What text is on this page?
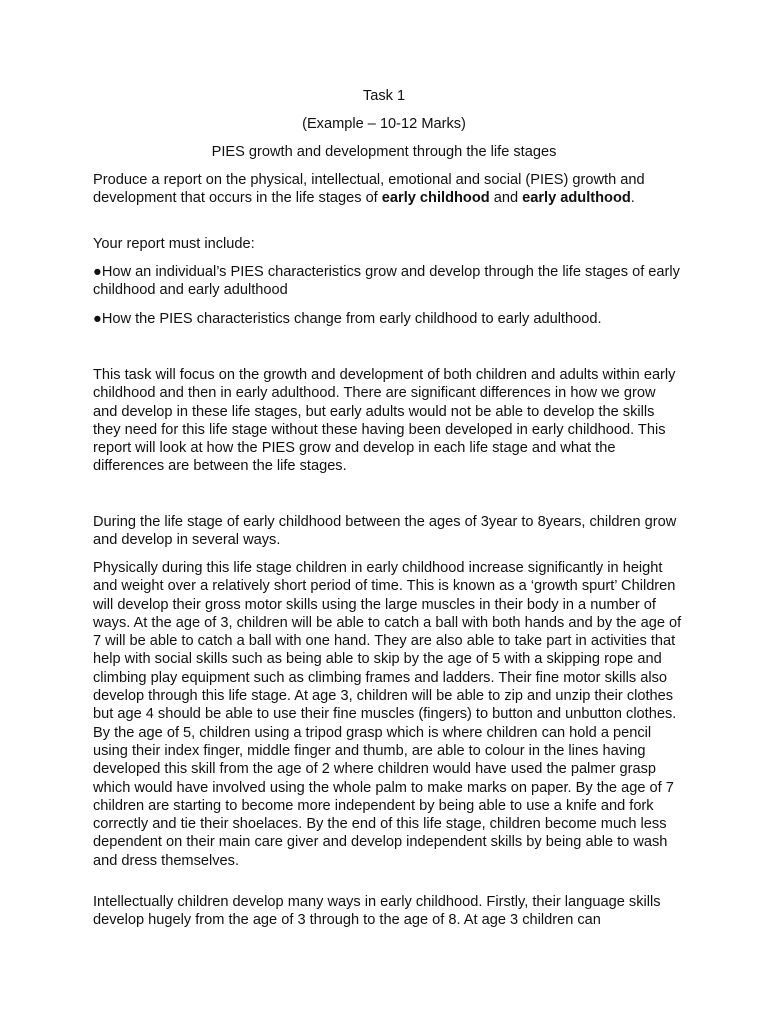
Task 1

(Example – 10-12 Marks)

PIES growth and development through the life stages

Produce a report on the physical, intellectual, emotional and social (PIES) growth and development that occurs in the life stages of early childhood and early adulthood.

Your report must include:

●How an individual’s PIES characteristics grow and develop through the life stages of early childhood and early adulthood

●How the PIES characteristics change from early childhood to early adulthood.

This task will focus on the growth and development of both children and adults within early childhood and then in early adulthood. There are significant differences in how we grow and develop in these life stages, but early adults would not be able to develop the skills they need for this life stage without these having been developed in early childhood. This report will look at how the PIES grow and develop in each life stage and what the differences are between the life stages.

During the life stage of early childhood between the ages of 3year to 8years, children grow and develop in several ways.

Physically during this life stage children in early childhood increase significantly in height and weight over a relatively short period of time. This is known as a ‘growth spurt’ Children will develop their gross motor skills using the large muscles in their body in a number of ways. At the age of 3, children will be able to catch a ball with both hands and by the age of 7 will be able to catch a ball with one hand. They are also able to take part in activities that help with social skills such as being able to skip by the age of 5 with a skipping rope and climbing play equipment such as climbing frames and ladders. Their fine motor skills also develop through this life stage. At age 3, children will be able to zip and unzip their clothes but age 4 should be able to use their fine muscles (fingers) to button and unbutton clothes. By the age of 5, children using a tripod grasp which is where children can hold a pencil using their index finger, middle finger and thumb, are able to colour in the lines having developed this skill from the age of 2 where children would have used the palmer grasp which would have involved using the whole palm to make marks on paper. By the age of 7 children are starting to become more independent by being able to use a knife and fork correctly and tie their shoelaces. By the end of this life stage, children become much less dependent on their main care giver and develop independent skills by being able to wash and dress themselves.

Intellectually children develop many ways in early childhood. Firstly, their language skills develop hugely from the age of 3 through to the age of 8. At age 3 children can
